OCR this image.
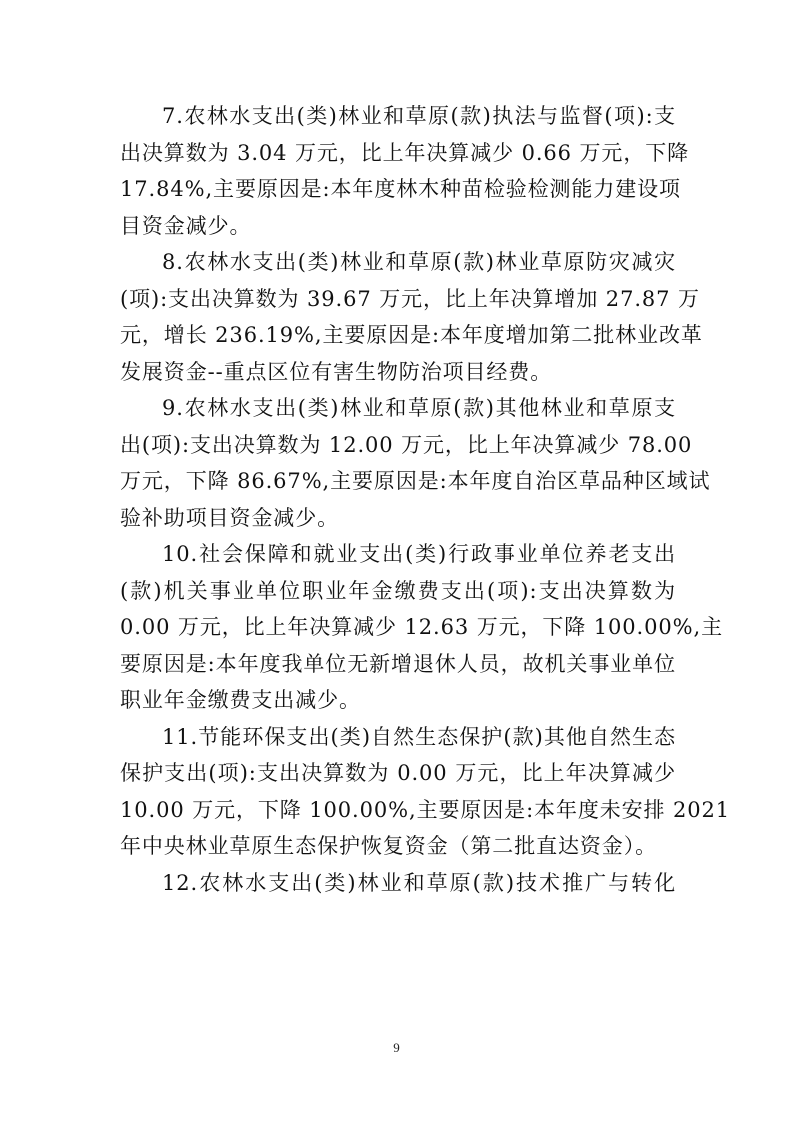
7.农林水支出(类)林业和草原(款)执法与监督(项):支
出决算数为 3.04 万元，比上年决算减少 0.66 万元，下降
17.84%,主要原因是:本年度林木种苗检验检测能力建设项
目资金减少。

8.农林水支出(类)林业和草原(款)林业草原防灾减灾
(项):支出决算数为 39.67 万元，比上年决算增加 27.87 万
元，增长 236.19%,主要原因是:本年度增加第二批林业改革
发展资金--重点区位有害生物防治项目经费。

9.农林水支出(类)林业和草原(款)其他林业和草原支
出(项):支出决算数为 12.00 万元，比上年决算减少 78.00
万元，下降 86.67%,主要原因是:本年度自治区草品种区域试
验补助项目资金减少。

10.社会保障和就业支出(类)行政事业单位养老支出
(款)机关事业单位职业年金缴费支出(项):支出决算数为
0.00 万元，比上年决算减少 12.63 万元，下降 100.00%,主
要原因是:本年度我单位无新增退休人员，故机关事业单位
职业年金缴费支出减少。

11.节能环保支出(类)自然生态保护(款)其他自然生态
保护支出(项):支出决算数为 0.00 万元，比上年决算减少
10.00 万元，下降 100.00%,主要原因是:本年度未安排 2021
年中央林业草原生态保护恢复资金（第二批直达资金）。

12.农林水支出(类)林业和草原(款)技术推广与转化

9
